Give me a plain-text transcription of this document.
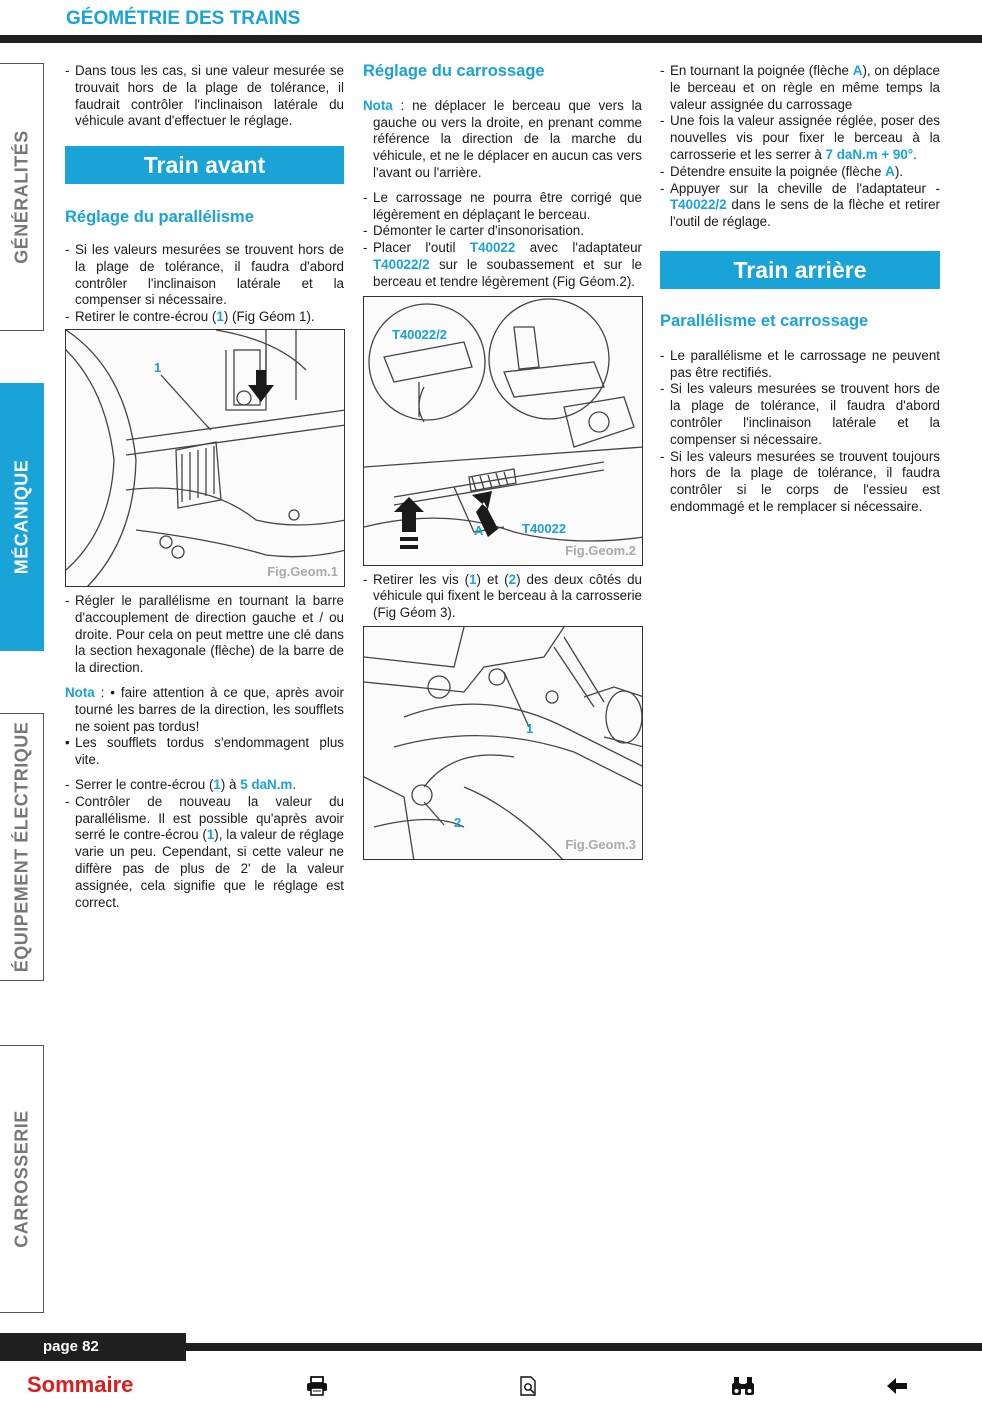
GÉOMÉTRIE DES TRAINS
GÉNÉRALITÉS
MÉCANIQUE
ÉQUIPEMENT ÉLECTRIQUE
CARROSSERIE
- Dans tous les cas, si une valeur mesurée se trouvait hors de la plage de tolérance, il faudrait contrôler l'inclinaison latérale du véhicule avant d'effectuer le réglage.
Train avant
Réglage du parallélisme
- Si les valeurs mesurées se trouvent hors de la plage de tolérance, il faudra d'abord contrôler l'inclinaison latérale et la compenser si nécessaire.
- Retirer le contre-écrou (1) (Fig Géom 1).
1
Fig.Geom.1
- Régler le parallélisme en tournant la barre d'accouplement de direction gauche et / ou droite. Pour cela on peut mettre une clé dans la section hexagonale (flèche) de la barre de la direction.
Nota : • faire attention à ce que, après avoir tourné les barres de la direction, les soufflets ne soient pas tordus!
• Les soufflets tordus s'endommagent plus vite.
- Serrer le contre-écrou (1) à 5 daN.m.
- Contrôler de nouveau la valeur du parallélisme. Il est possible qu'après avoir serré le contre-écrou (1), la valeur de réglage varie un peu. Cependant, si cette valeur ne diffère pas de plus de 2' de la valeur assignée, cela signifie que le réglage est correct.
Réglage du carrossage
Nota : ne déplacer le berceau que vers la gauche ou vers la droite, en prenant comme référence la direction de la marche du véhicule, et ne le déplacer en aucun cas vers l'avant ou l'arrière.
- Le carrossage ne pourra être corrigé que légèrement en déplaçant le berceau.
- Démonter le carter d'insonorisation.
- Placer l'outil T40022 avec l'adaptateur T40022/2 sur le soubassement et sur le berceau et tendre légèrement (Fig Géom.2).
T40022/2
A	T40022
Fig.Geom.2
- Retirer les vis (1) et (2) des deux côtés du véhicule qui fixent le berceau à la carrosserie (Fig Géom 3).
1
2
Fig.Geom.3
- En tournant la poignée (flèche A), on déplace le berceau et on règle en même temps la valeur assignée du carrossage
- Une fois la valeur assignée réglée, poser des nouvelles vis pour fixer le berceau à la carrosserie et les serrer à 7 daN.m + 90°.
- Détendre ensuite la poignée (flèche A).
- Appuyer sur la cheville de l'adaptateur - T40022/2 dans le sens de la flèche et retirer l'outil de réglage.
Train arrière
Parallélisme et carrossage
- Le parallélisme et le carrossage ne peuvent pas être rectifiés.
- Si les valeurs mesurées se trouvent hors de la plage de tolérance, il faudra d'abord contrôler l'inclinaison latérale et la compenser si nécessaire.
- Si les valeurs mesurées se trouvent toujours hors de la plage de tolérance, il faudra contrôler si le corps de l'essieu est endommagé et le remplacer si nécessaire.
page 82
Sommaire
